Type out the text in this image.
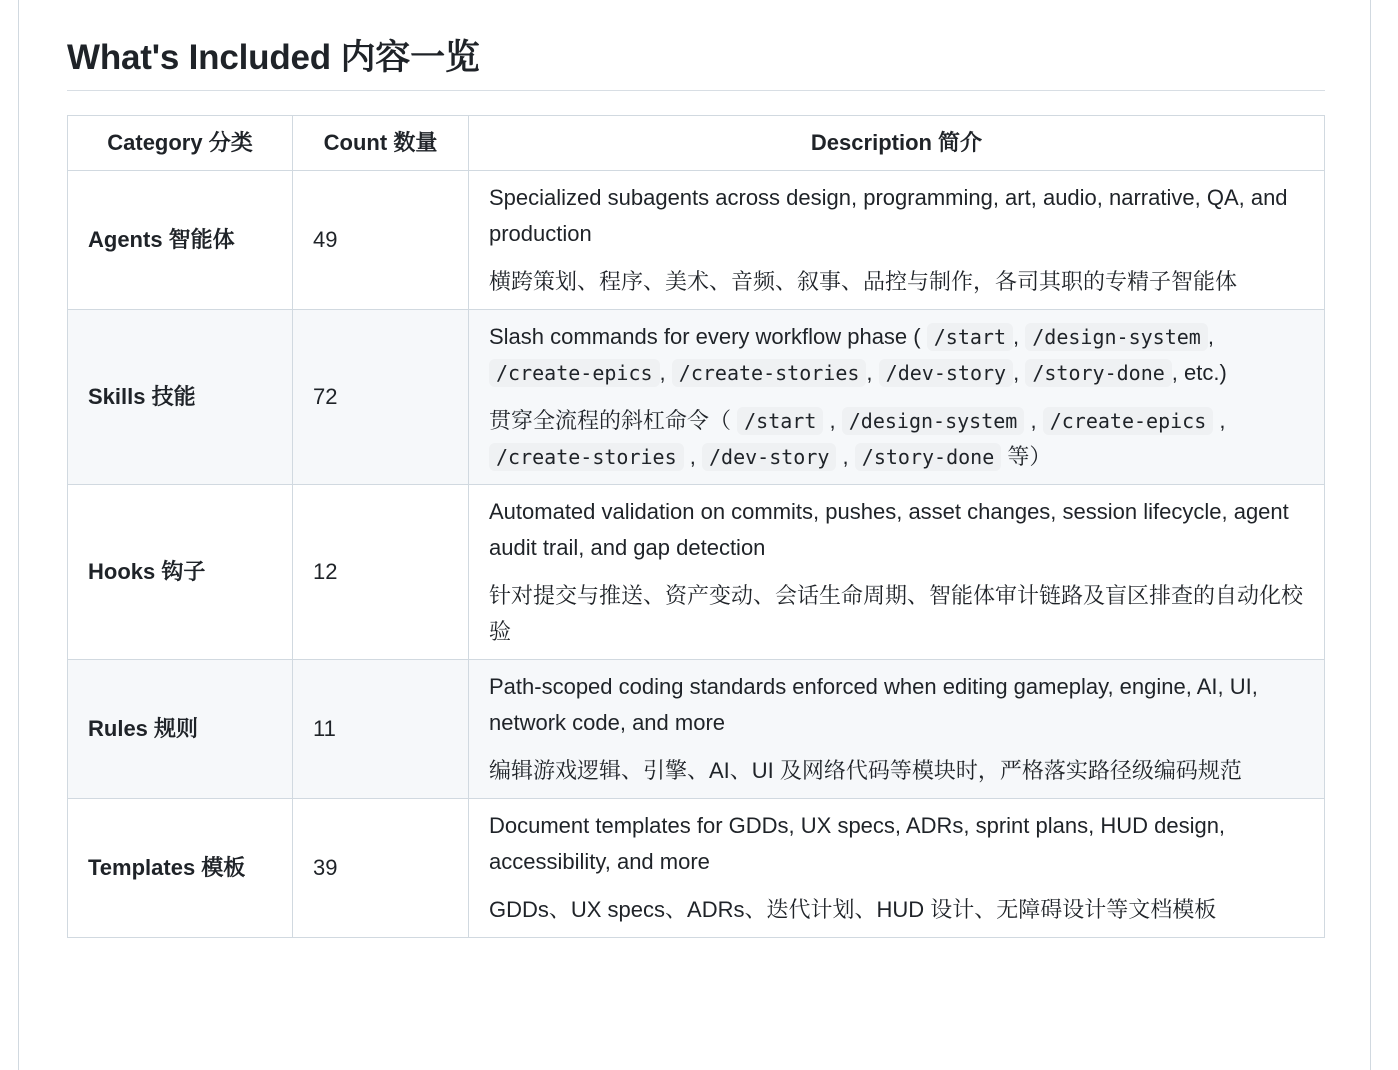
What's Included 内容一览
Category 分类	Count 数量	Description 简介
Agents 智能体	49	Specialized subagents across design, programming, art, audio, narrative, QA, and production

横跨策划、程序、美术、音频、叙事、品控与制作，各司其职的专精子智能体

Skills 技能	72	Slash commands for every workflow phase ( /start , /design-system , /create-epics , /create-stories , /dev-story , /story-done , etc.)

贯穿全流程的斜杠命令（ /start , /design-system , /create-epics , /create-stories , /dev-story , /story-done 等）

Hooks 钩子	12	Automated validation on commits, pushes, asset changes, session lifecycle, agent audit trail, and gap detection

针对提交与推送、资产变动、会话生命周期、智能体审计链路及盲区排查的自动化校验

Rules 规则	11	Path-scoped coding standards enforced when editing gameplay, engine, AI, UI, network code, and more

编辑游戏逻辑、引擎、AI、UI 及网络代码等模块时，严格落实路径级编码规范

Templates 模板	39	Document templates for GDDs, UX specs, ADRs, sprint plans, HUD design, accessibility, and more

GDDs、UX specs、ADRs、迭代计划、HUD 设计、无障碍设计等文档模板
